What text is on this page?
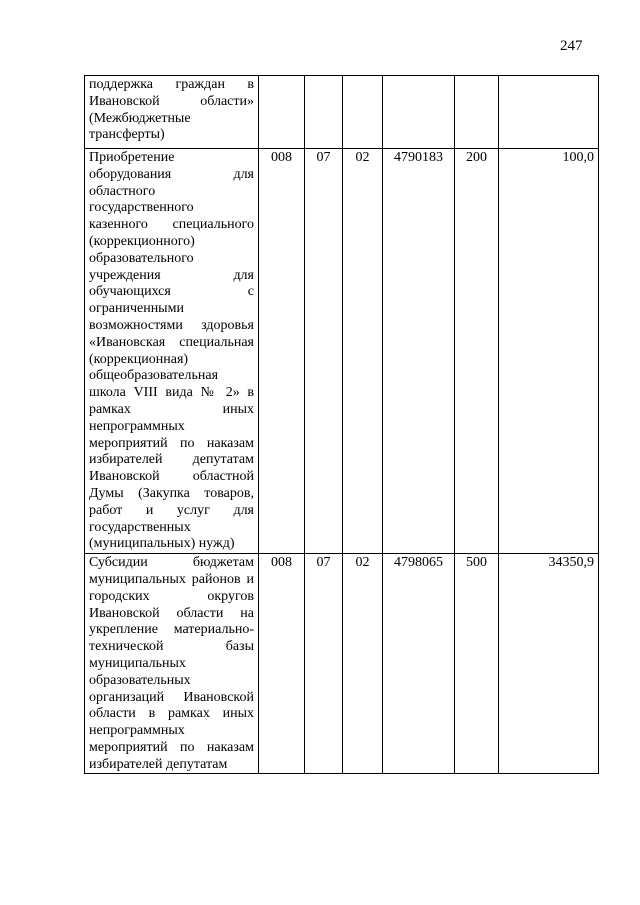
247
поддержка граждан в Ивановской области» (Межбюджетные трансферты)						
Приобретение оборудования для областного государственного казенного специального (коррекционного) образовательного учреждения для обучающихся с ограниченными возможностями здоровья «Ивановская специальная (коррекционная) общеобразовательная школа VIII вида № 2» в рамках иных непрограммных мероприятий по наказам избирателей депутатам Ивановской областной Думы (Закупка товаров, работ и услуг для государственных (муниципальных) нужд)	008	07	02	4790183	200	100,0
Субсидии бюджетам муниципальных районов и городских округов Ивановской области на укрепление материально-технической базы муниципальных образовательных организаций Ивановской области в рамках иных непрограммных мероприятий по наказам избирателей депутатам	008	07	02	4798065	500	34350,9
